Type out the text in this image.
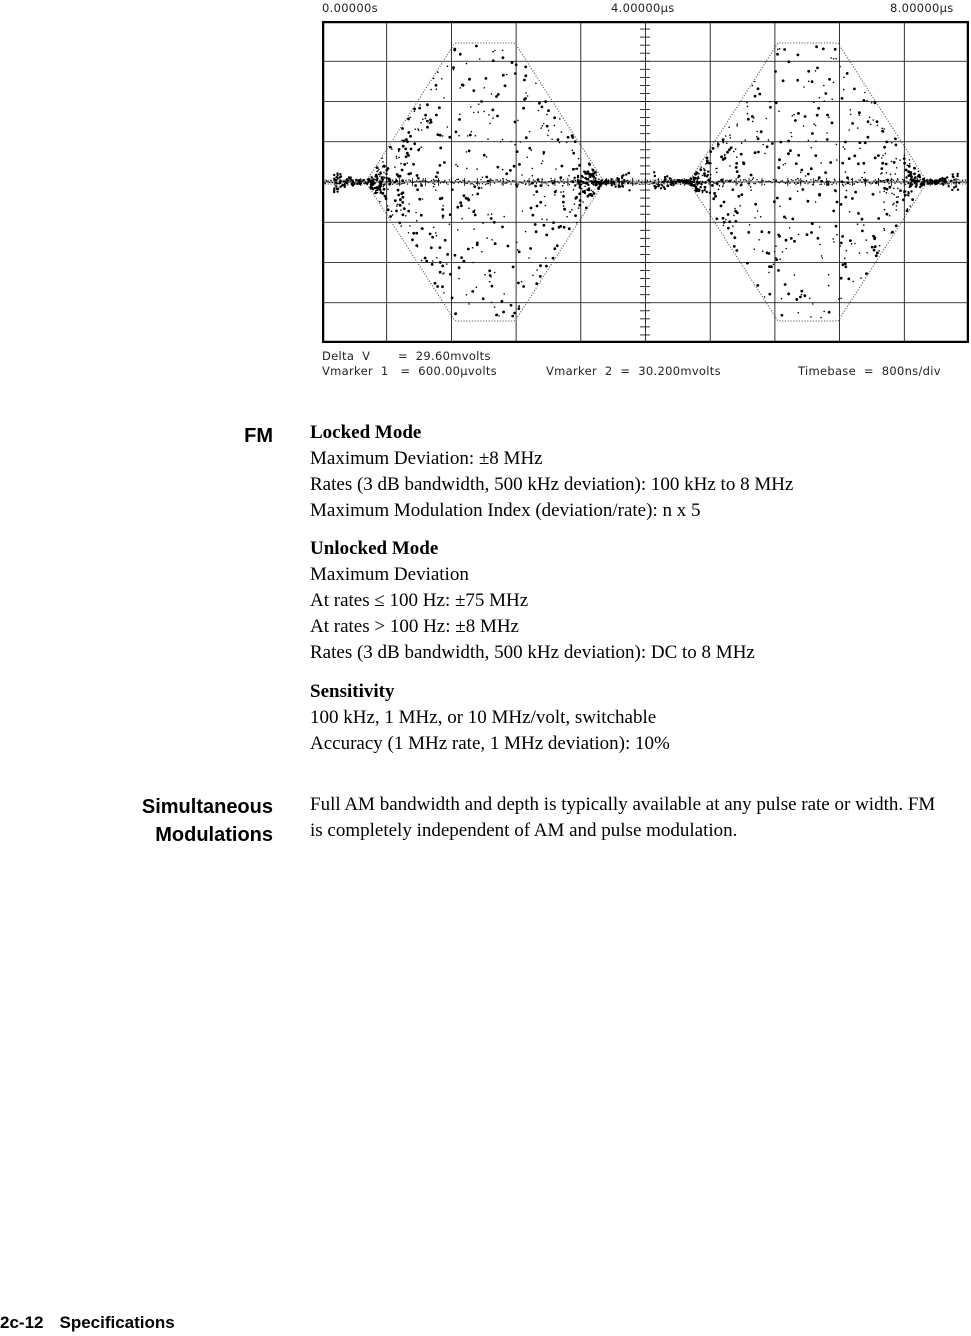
0.00000s	4.00000µs	8.00000µs
Delta  V       =  29.60mvolts
Vmarker  1   =  600.00µvolts	Vmarker  2  =  30.200mvolts	Timebase  =  800ns/div
FM Locked Mode
Maximum Deviation: ±8 MHz
Rates (3 dB bandwidth, 500 kHz deviation): 100 kHz to 8 MHz
Maximum Modulation Index (deviation/rate): n x 5
Unlocked Mode
Maximum Deviation
At rates ≤ 100 Hz: ±75 MHz
At rates > 100 Hz: ±8 MHz
Rates (3 dB bandwidth, 500 kHz deviation): DC to 8 MHz
Sensitivity
100 kHz, 1 MHz, or 10 MHz/volt, switchable
Accuracy (1 MHz rate, 1 MHz deviation): 10%
Simultaneous
Modulations
Full AM bandwidth and depth is typically available at any pulse rate or width. FM is completely independent of AM and pulse modulation.
2c-12 Specifications
